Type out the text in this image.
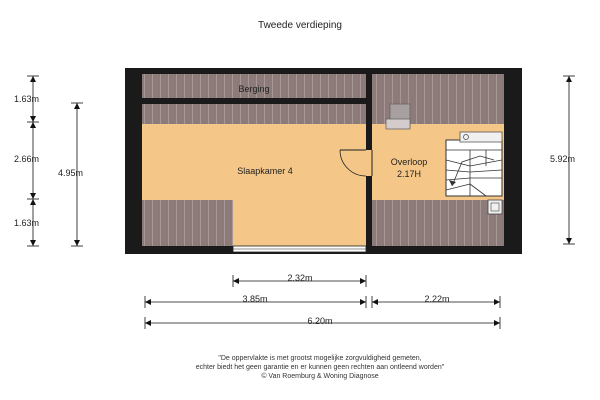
Tweede verdieping
Berging
Slaapkamer 4
Overloop
2.17H
1.63m
2.66m
1.63m
4.95m
5.92m
2.32m
3.85m	2.22m
6.20m
"De oppervlakte is met grootst mogelijke zorgvuldigheid gemeten,
echter biedt het geen garantie en er kunnen geen rechten aan ontleend worden"
© Van Roemburg & Woning Diagnose
